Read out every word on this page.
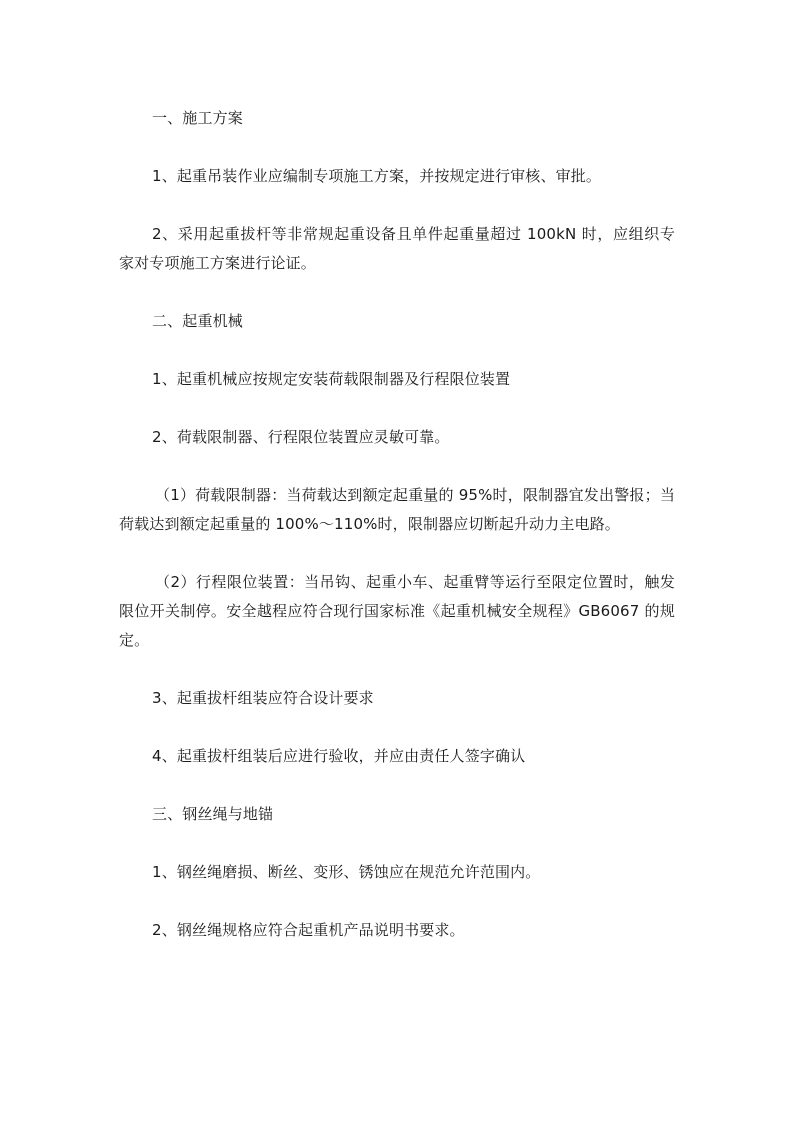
一、施工方案

1、起重吊装作业应编制专项施工方案，并按规定进行审核、审批。

2、采用起重拔杆等非常规起重设备且单件起重量超过 100kN 时，应组织专家对专项施工方案进行论证。

二、起重机械

1、起重机械应按规定安装荷载限制器及行程限位装置

2、荷载限制器、行程限位装置应灵敏可靠。

（1）荷载限制器：当荷载达到额定起重量的 95%时，限制器宜发出警报；当荷载达到额定起重量的 100%～110%时，限制器应切断起升动力主电路。

（2）行程限位装置：当吊钩、起重小车、起重臂等运行至限定位置时，触发限位开关制停。安全越程应符合现行国家标准《起重机械安全规程》GB6067 的规定。

3、起重拔杆组装应符合设计要求

4、起重拔杆组装后应进行验收，并应由责任人签字确认

三、钢丝绳与地锚

1、钢丝绳磨损、断丝、变形、锈蚀应在规范允许范围内。

2、钢丝绳规格应符合起重机产品说明书要求。
